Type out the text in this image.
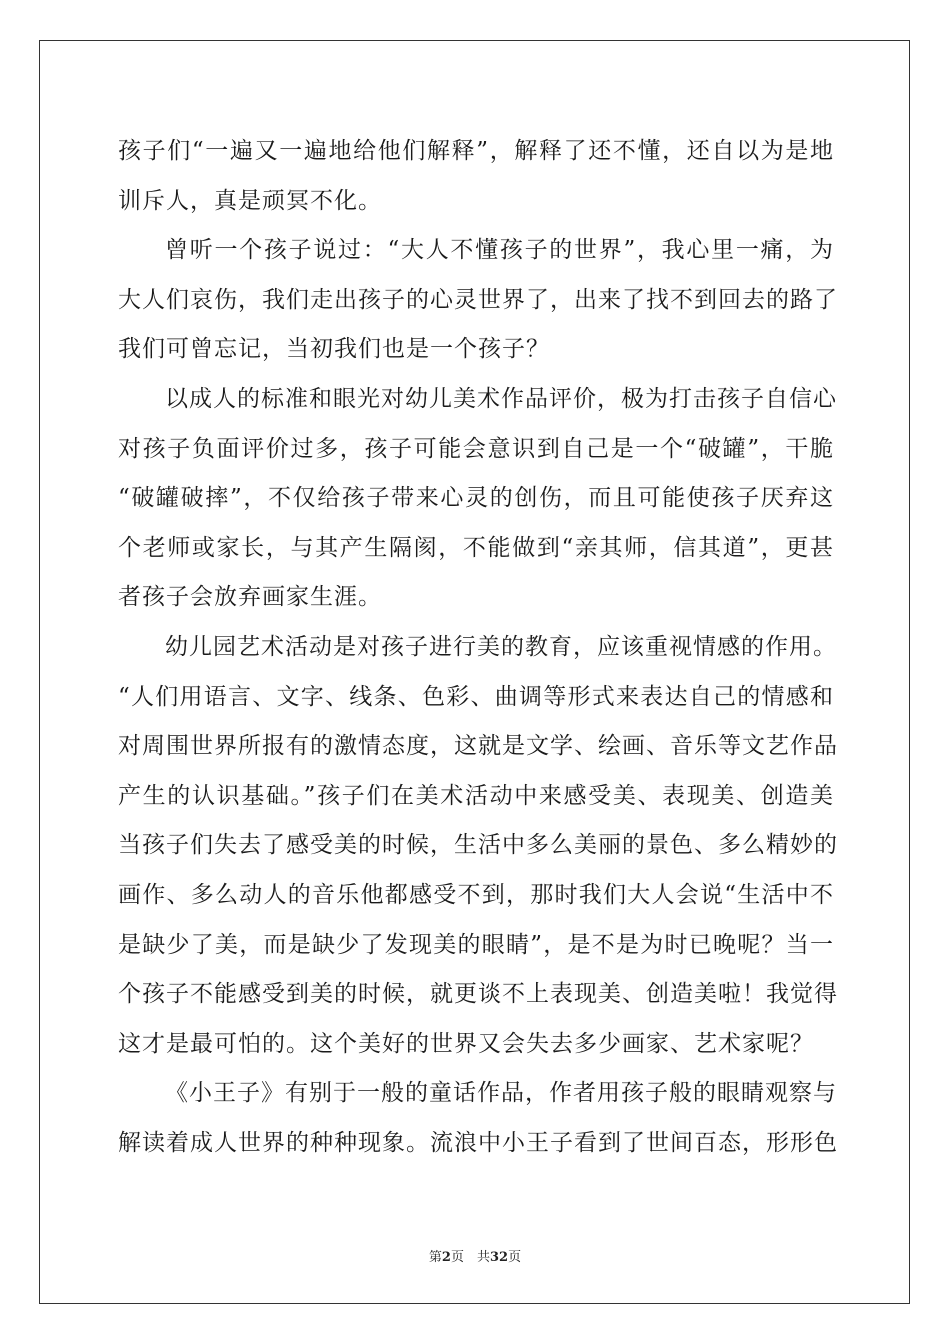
孩子们“一遍又一遍地给他们解释”，解释了还不懂，还自以为是地
训斥人，真是顽冥不化。
曾听一个孩子说过：“大人不懂孩子的世界”，我心里一痛，为
大人们哀伤，我们走出孩子的心灵世界了，出来了找不到回去的路了
我们可曾忘记，当初我们也是一个孩子？
以成人的标准和眼光对幼儿美术作品评价，极为打击孩子自信心
对孩子负面评价过多，孩子可能会意识到自己是一个“破罐”，干脆
“破罐破摔”，不仅给孩子带来心灵的创伤，而且可能使孩子厌弃这
个老师或家长，与其产生隔阂，不能做到“亲其师，信其道”，更甚
者孩子会放弃画家生涯。
幼儿园艺术活动是对孩子进行美的教育，应该重视情感的作用。
“人们用语言、文字、线条、色彩、曲调等形式来表达自己的情感和
对周围世界所报有的激情态度，这就是文学、绘画、音乐等文艺作品
产生的认识基础。”孩子们在美术活动中来感受美、表现美、创造美
当孩子们失去了感受美的时候，生活中多么美丽的景色、多么精妙的
画作、多么动人的音乐他都感受不到，那时我们大人会说“生活中不
是缺少了美，而是缺少了发现美的眼睛”，是不是为时已晚呢？当一
个孩子不能感受到美的时候，就更谈不上表现美、创造美啦！我觉得
这才是最可怕的。这个美好的世界又会失去多少画家、艺术家呢？
《小王子》有别于一般的童话作品，作者用孩子般的眼睛观察与
解读着成人世界的种种现象。流浪中小王子看到了世间百态，形形色
第2页　共32页
